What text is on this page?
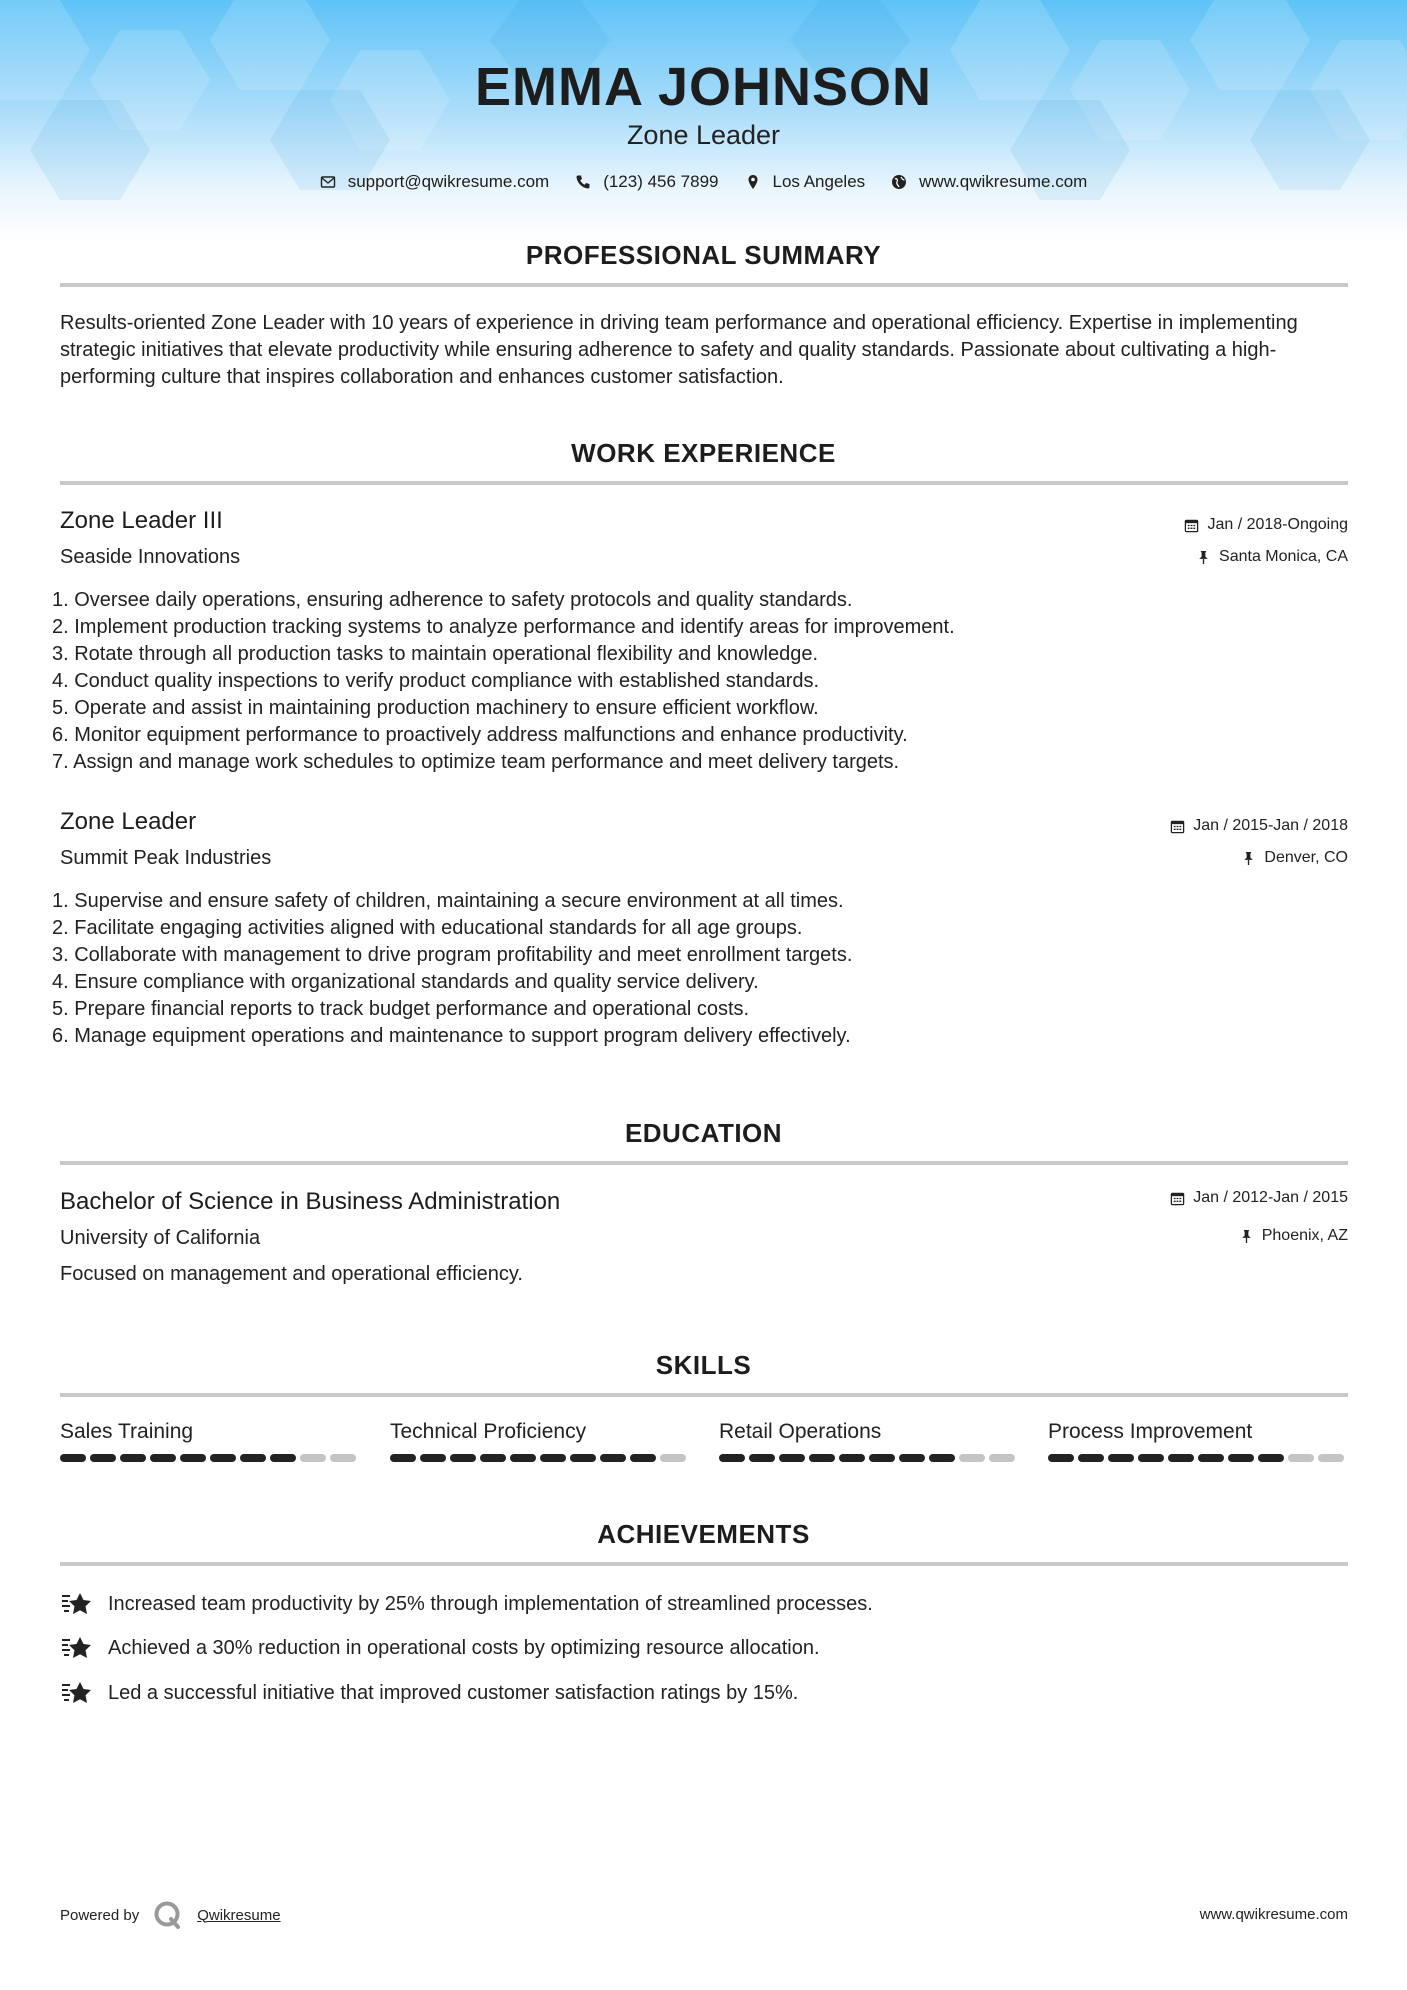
EMMA JOHNSON
Zone Leader
support@qwikresume.com	(123) 456 7899	Los Angeles	www.qwikresume.com
PROFESSIONAL SUMMARY
Results-oriented Zone Leader with 10 years of experience in driving team performance and operational efficiency. Expertise in implementing strategic initiatives that elevate productivity while ensuring adherence to safety and quality standards. Passionate about cultivating a high-performing culture that inspires collaboration and enhances customer satisfaction.
WORK EXPERIENCE
Zone Leader III	Jan / 2018-Ongoing
Seaside Innovations	Santa Monica, CA
1. Oversee daily operations, ensuring adherence to safety protocols and quality standards.
2. Implement production tracking systems to analyze performance and identify areas for improvement.
3. Rotate through all production tasks to maintain operational flexibility and knowledge.
4. Conduct quality inspections to verify product compliance with established standards.
5. Operate and assist in maintaining production machinery to ensure efficient workflow.
6. Monitor equipment performance to proactively address malfunctions and enhance productivity.
7. Assign and manage work schedules to optimize team performance and meet delivery targets.
Zone Leader	Jan / 2015-Jan / 2018
Summit Peak Industries	Denver, CO
1. Supervise and ensure safety of children, maintaining a secure environment at all times.
2. Facilitate engaging activities aligned with educational standards for all age groups.
3. Collaborate with management to drive program profitability and meet enrollment targets.
4. Ensure compliance with organizational standards and quality service delivery.
5. Prepare financial reports to track budget performance and operational costs.
6. Manage equipment operations and maintenance to support program delivery effectively.
EDUCATION
Bachelor of Science in Business Administration	Jan / 2012-Jan / 2015
University of California	Phoenix, AZ
Focused on management and operational efficiency.
SKILLS
Sales Training	Technical Proficiency	Retail Operations	Process Improvement
ACHIEVEMENTS
Increased team productivity by 25% through implementation of streamlined processes.
Achieved a 30% reduction in operational costs by optimizing resource allocation.
Led a successful initiative that improved customer satisfaction ratings by 15%.
Powered by	Qwikresume	www.qwikresume.com
